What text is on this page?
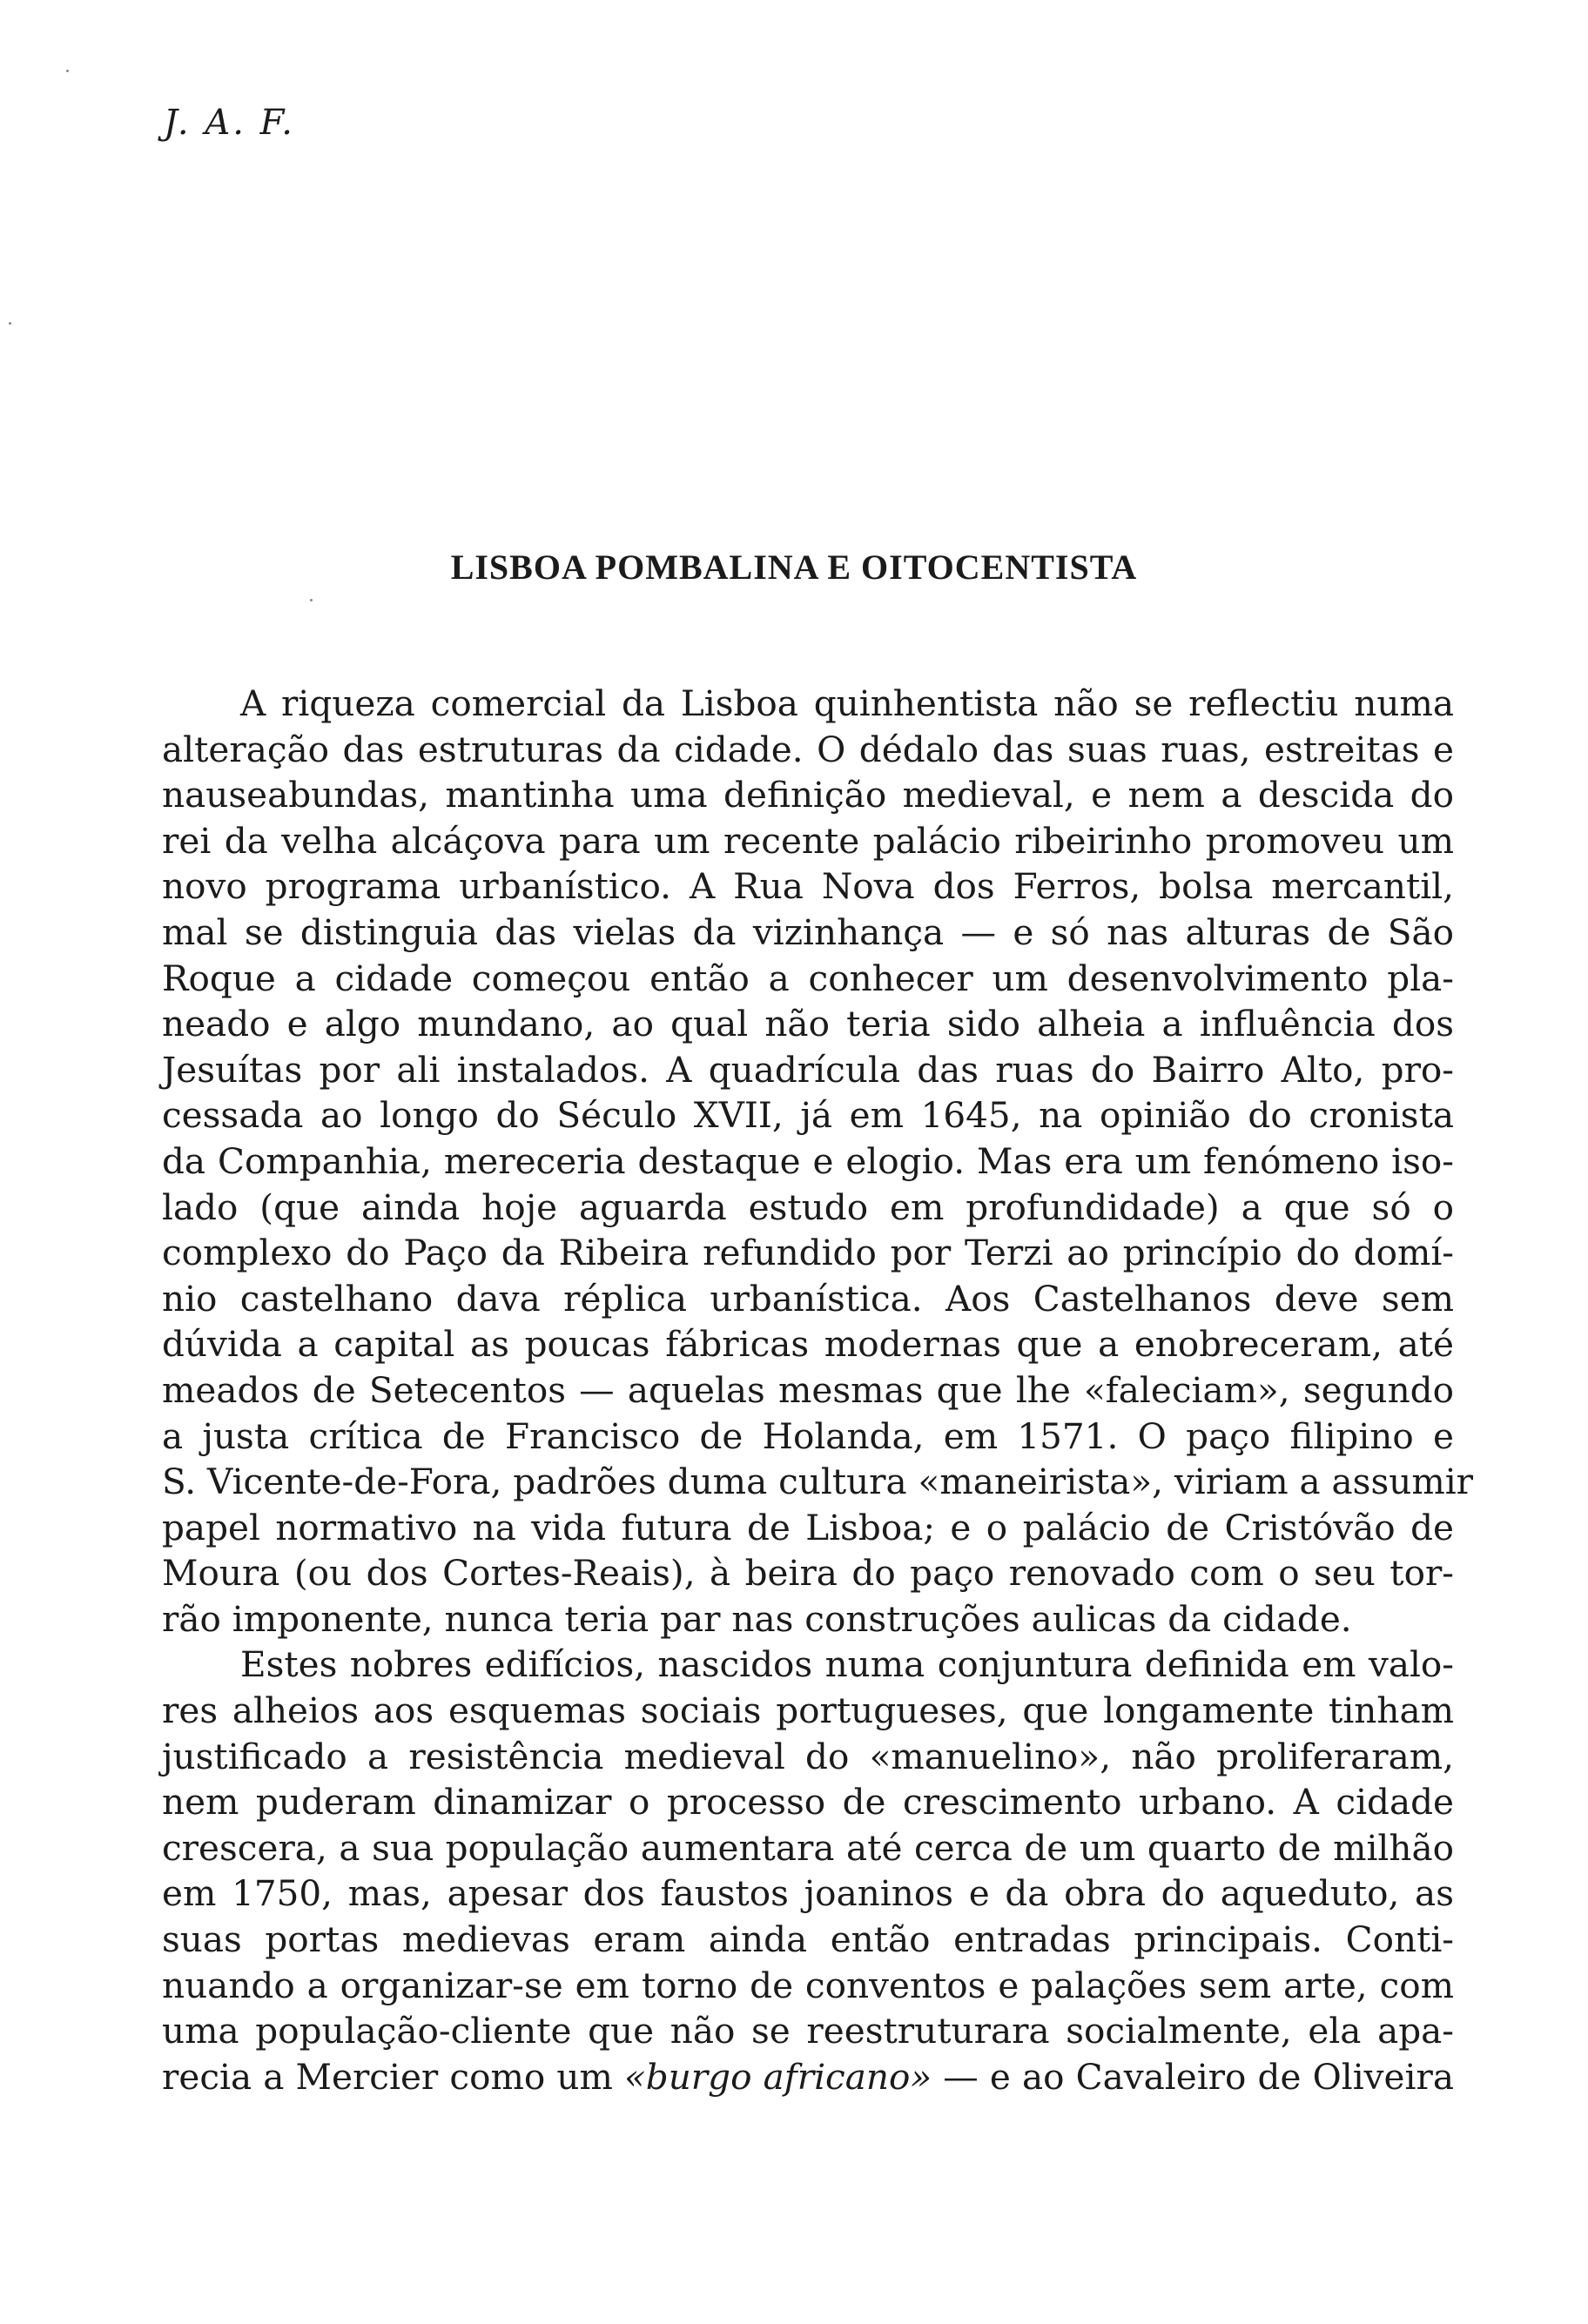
J. A. F.
LISBOA POMBALINA E OITOCENTISTA
A riqueza comercial da Lisboa quinhentista não se reflectiu numa
alteração das estruturas da cidade. O dédalo das suas ruas, estreitas e
nauseabundas, mantinha uma definição medieval, e nem a descida do
rei da velha alcáçova para um recente palácio ribeirinho promoveu um
novo programa urbanístico. A Rua Nova dos Ferros, bolsa mercantil,
mal se distinguia das vielas da vizinhança — e só nas alturas de São
Roque a cidade começou então a conhecer um desenvolvimento pla-
neado e algo mundano, ao qual não teria sido alheia a influência dos
Jesuítas por ali instalados. A quadrícula das ruas do Bairro Alto, pro-
cessada ao longo do Século XVII, já em 1645, na opinião do cronista
da Companhia, mereceria destaque e elogio. Mas era um fenómeno iso-
lado (que ainda hoje aguarda estudo em profundidade) a que só o
complexo do Paço da Ribeira refundido por Terzi ao princípio do domí-
nio castelhano dava réplica urbanística. Aos Castelhanos deve sem
dúvida a capital as poucas fábricas modernas que a enobreceram, até
meados de Setecentos — aquelas mesmas que lhe «faleciam», segundo
a justa crítica de Francisco de Holanda, em 1571. O paço filipino e
S. Vicente-de-Fora, padrões duma cultura «maneirista», viriam a assumir
papel normativo na vida futura de Lisboa; e o palácio de Cristóvão de
Moura (ou dos Cortes-Reais), à beira do paço renovado com o seu tor-
rão imponente, nunca teria par nas construções aulicas da cidade.
Estes nobres edifícios, nascidos numa conjuntura definida em valo-
res alheios aos esquemas sociais portugueses, que longamente tinham
justificado a resistência medieval do «manuelino», não proliferaram,
nem puderam dinamizar o processo de crescimento urbano. A cidade
crescera, a sua população aumentara até cerca de um quarto de milhão
em 1750, mas, apesar dos faustos joaninos e da obra do aqueduto, as
suas portas medievas eram ainda então entradas principais. Conti-
nuando a organizar-se em torno de conventos e palações sem arte, com
uma população-cliente que não se reestruturara socialmente, ela apa-
recia a Mercier como um «burgo africano» — e ao Cavaleiro de Oliveira
